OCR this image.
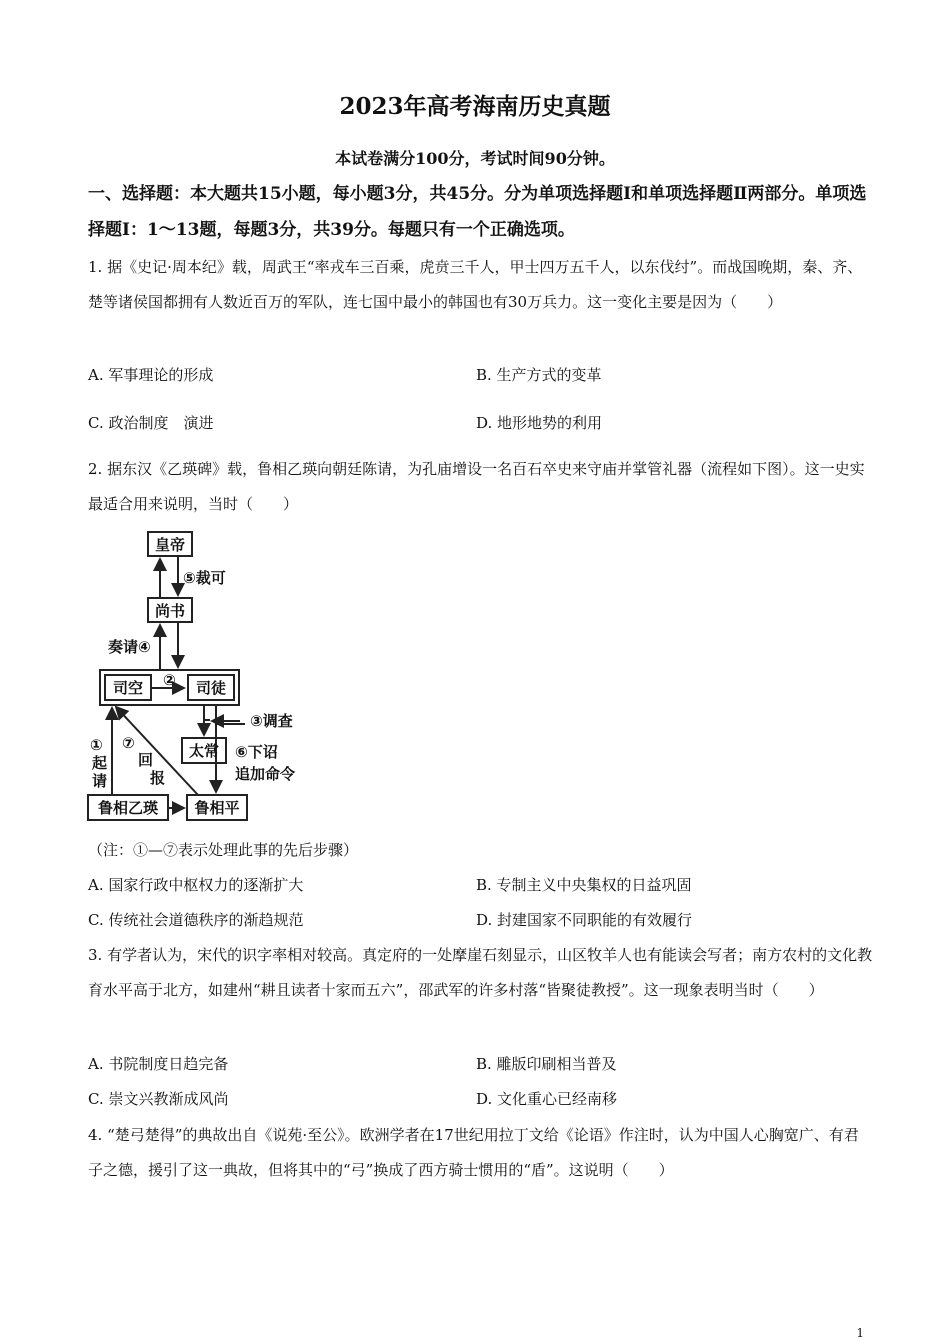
2023年高考海南历史真题
本试卷满分100分，考试时间90分钟。
一、选择题：本大题共15小题，每小题3分，共45分。分为单项选择题Ⅰ和单项选择题Ⅱ两部分。单项选择题Ⅰ：1～13题，每题3分，共39分。每题只有一个正确选项。
1. 据《史记·周本纪》载，周武王“率戎车三百乘，虎贲三千人，甲士四万五千人，以东伐纣”。而战国晚期，秦、齐、楚等诸侯国都拥有人数近百万的军队，连七国中最小的韩国也有30万兵力。这一变化主要是因为（　　）
A. 军事理论的形成	B. 生产方式的变革
C. 政治制度　演进	D. 地形地势的利用
2. 据东汉《乙瑛碑》载，鲁相乙瑛向朝廷陈请，为孔庙增设一名百石卒史来守庙并掌管礼器（流程如下图）。这一史实最适合用来说明，当时（　　）
皇帝
⑤裁可
尚书
奏请④
司空 ② 司徒
③调查
太常 ⑥下诏
追加命令
①
起
请
⑦
回
报
鲁相乙瑛 鲁相平
（注：①—⑦表示处理此事的先后步骤）
A. 国家行政中枢权力的逐渐扩大	B. 专制主义中央集权的日益巩固
C. 传统社会道德秩序的渐趋规范	D. 封建国家不同职能的有效履行
3. 有学者认为，宋代的识字率相对较高。真定府的一处摩崖石刻显示，山区牧羊人也有能读会写者；南方农村的文化教育水平高于北方，如建州“耕且读者十家而五六”，邵武军的许多村落“皆聚徒教授”。这一现象表明当时（　　）
A. 书院制度日趋完备	B. 雕版印刷相当普及
C. 崇文兴教渐成风尚	D. 文化重心已经南移
4. “楚弓楚得”的典故出自《说苑·至公》。欧洲学者在17世纪用拉丁文给《论语》作注时，认为中国人心胸宽广、有君子之德，援引了这一典故，但将其中的“弓”换成了西方骑士惯用的“盾”。这说明（　　）
1
